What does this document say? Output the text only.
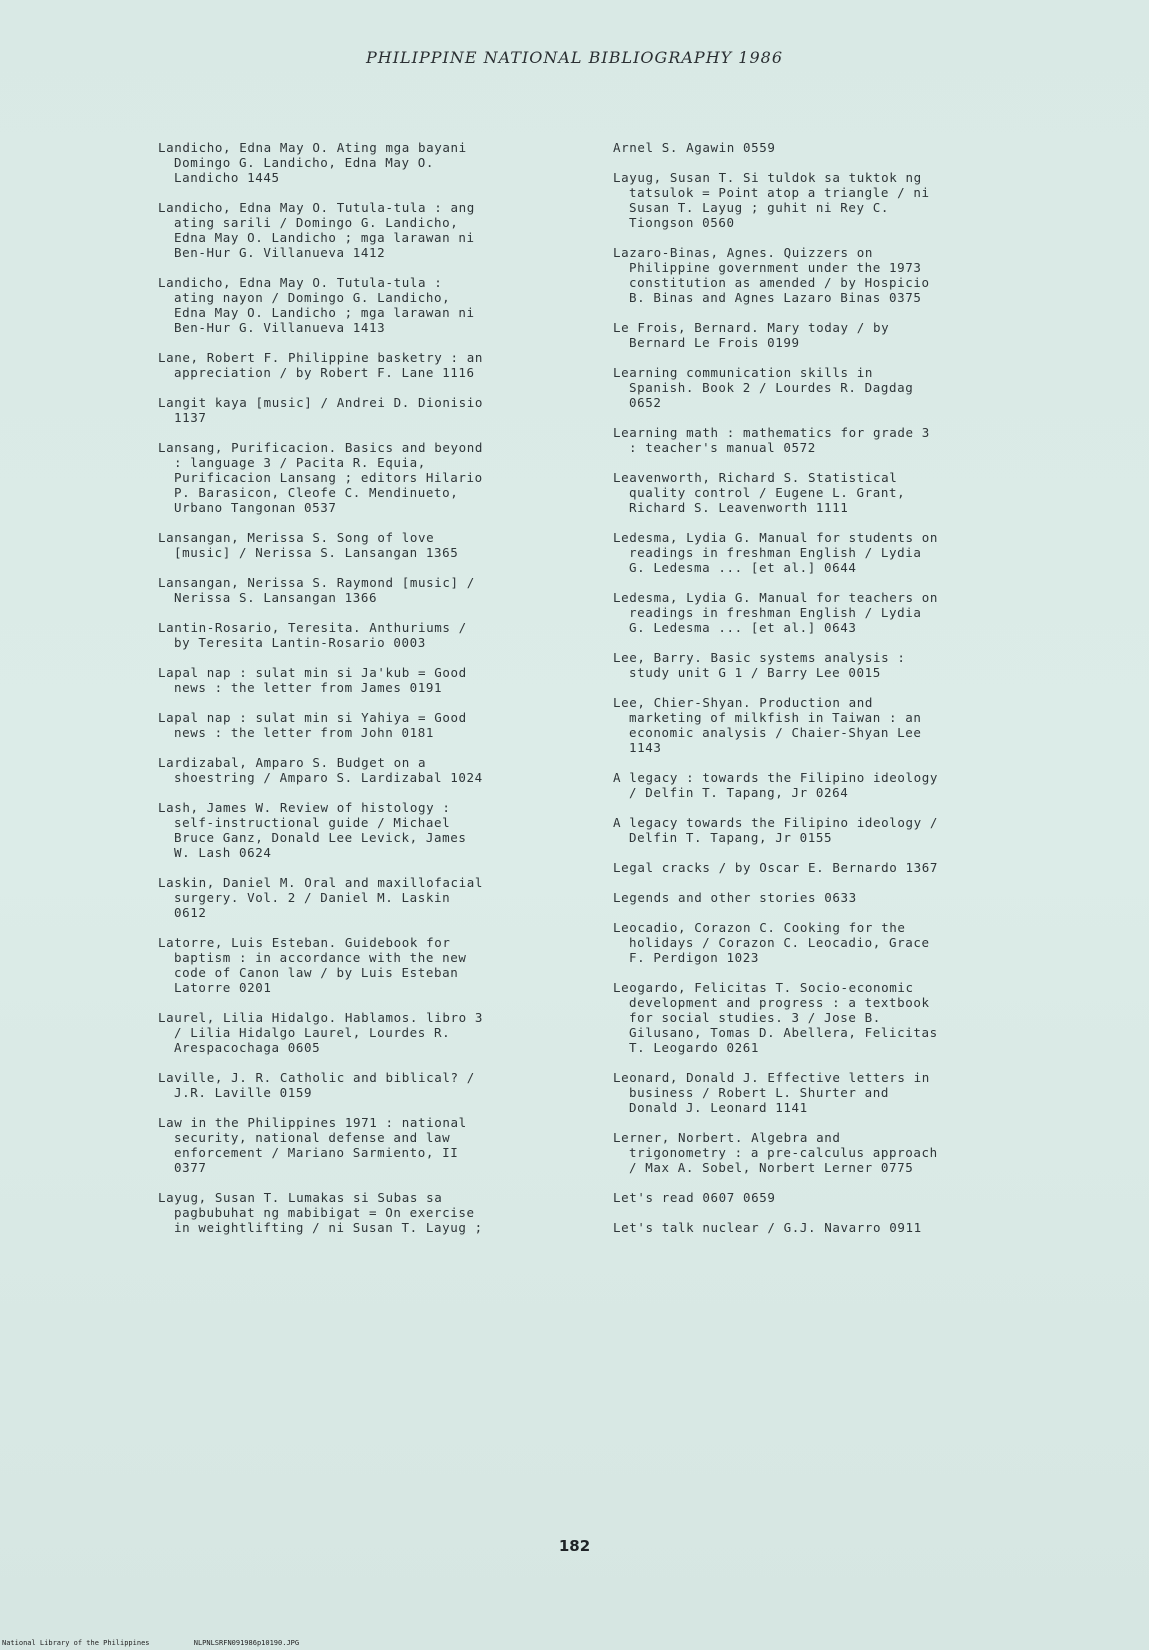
PHILIPPINE NATIONAL BIBLIOGRAPHY 1986
Landicho, Edna May O. Ating mga bayani
Domingo G. Landicho, Edna May O.
Landicho 1445
Landicho, Edna May O. Tutula-tula : ang
ating sarili / Domingo G. Landicho,
Edna May O. Landicho ; mga larawan ni
Ben-Hur G. Villanueva 1412
Landicho, Edna May O. Tutula-tula :
ating nayon / Domingo G. Landicho,
Edna May O. Landicho ; mga larawan ni
Ben-Hur G. Villanueva 1413
Lane, Robert F. Philippine basketry : an
appreciation / by Robert F. Lane 1116
Langit kaya [music] / Andrei D. Dionisio
1137
Lansang, Purificacion. Basics and beyond
: language 3 / Pacita R. Equia,
Purificacion Lansang ; editors Hilario
P. Barasicon, Cleofe C. Mendinueto,
Urbano Tangonan 0537
Lansangan, Merissa S. Song of love
[music] / Nerissa S. Lansangan 1365
Lansangan, Nerissa S. Raymond [music] /
Nerissa S. Lansangan 1366
Lantin-Rosario, Teresita. Anthuriums /
by Teresita Lantin-Rosario 0003
Lapal nap : sulat min si Ja'kub = Good
news : the letter from James 0191
Lapal nap : sulat min si Yahiya = Good
news : the letter from John 0181
Lardizabal, Amparo S. Budget on a
shoestring / Amparo S. Lardizabal 1024
Lash, James W. Review of histology :
self-instructional guide / Michael
Bruce Ganz, Donald Lee Levick, James
W. Lash 0624
Laskin, Daniel M. Oral and maxillofacial
surgery. Vol. 2 / Daniel M. Laskin
0612
Latorre, Luis Esteban. Guidebook for
baptism : in accordance with the new
code of Canon law / by Luis Esteban
Latorre 0201
Laurel, Lilia Hidalgo. Hablamos. libro 3
/ Lilia Hidalgo Laurel, Lourdes R.
Arespacochaga 0605
Laville, J. R. Catholic and biblical? /
J.R. Laville 0159
Law in the Philippines 1971 : national
security, national defense and law
enforcement / Mariano Sarmiento, II
0377
Layug, Susan T. Lumakas si Subas sa
pagbubuhat ng mabibigat = On exercise
in weightlifting / ni Susan T. Layug ;
Arnel S. Agawin 0559
Layug, Susan T. Si tuldok sa tuktok ng
tatsulok = Point atop a triangle / ni
Susan T. Layug ; guhit ni Rey C.
Tiongson 0560
Lazaro-Binas, Agnes. Quizzers on
Philippine government under the 1973
constitution as amended / by Hospicio
B. Binas and Agnes Lazaro Binas 0375
Le Frois, Bernard. Mary today / by
Bernard Le Frois 0199
Learning communication skills in
Spanish. Book 2 / Lourdes R. Dagdag
0652
Learning math : mathematics for grade 3
: teacher's manual 0572
Leavenworth, Richard S. Statistical
quality control / Eugene L. Grant,
Richard S. Leavenworth 1111
Ledesma, Lydia G. Manual for students on
readings in freshman English / Lydia
G. Ledesma ... [et al.] 0644
Ledesma, Lydia G. Manual for teachers on
readings in freshman English / Lydia
G. Ledesma ... [et al.] 0643
Lee, Barry. Basic systems analysis :
study unit G 1 / Barry Lee 0015
Lee, Chier-Shyan. Production and
marketing of milkfish in Taiwan : an
economic analysis / Chaier-Shyan Lee
1143
A legacy : towards the Filipino ideology
/ Delfin T. Tapang, Jr 0264
A legacy towards the Filipino ideology /
Delfin T. Tapang, Jr 0155
Legal cracks / by Oscar E. Bernardo 1367
Legends and other stories 0633
Leocadio, Corazon C. Cooking for the
holidays / Corazon C. Leocadio, Grace
F. Perdigon 1023
Leogardo, Felicitas T. Socio-economic
development and progress : a textbook
for social studies. 3 / Jose B.
Gilusano, Tomas D. Abellera, Felicitas
T. Leogardo 0261
Leonard, Donald J. Effective letters in
business / Robert L. Shurter and
Donald J. Leonard 1141
Lerner, Norbert. Algebra and
trigonometry : a pre-calculus approach
/ Max A. Sobel, Norbert Lerner 0775
Let's read 0607 0659
Let's talk nuclear / G.J. Navarro 0911
182
National Library of the Philippines	NLPNLSRFN091986p10190.JPG
